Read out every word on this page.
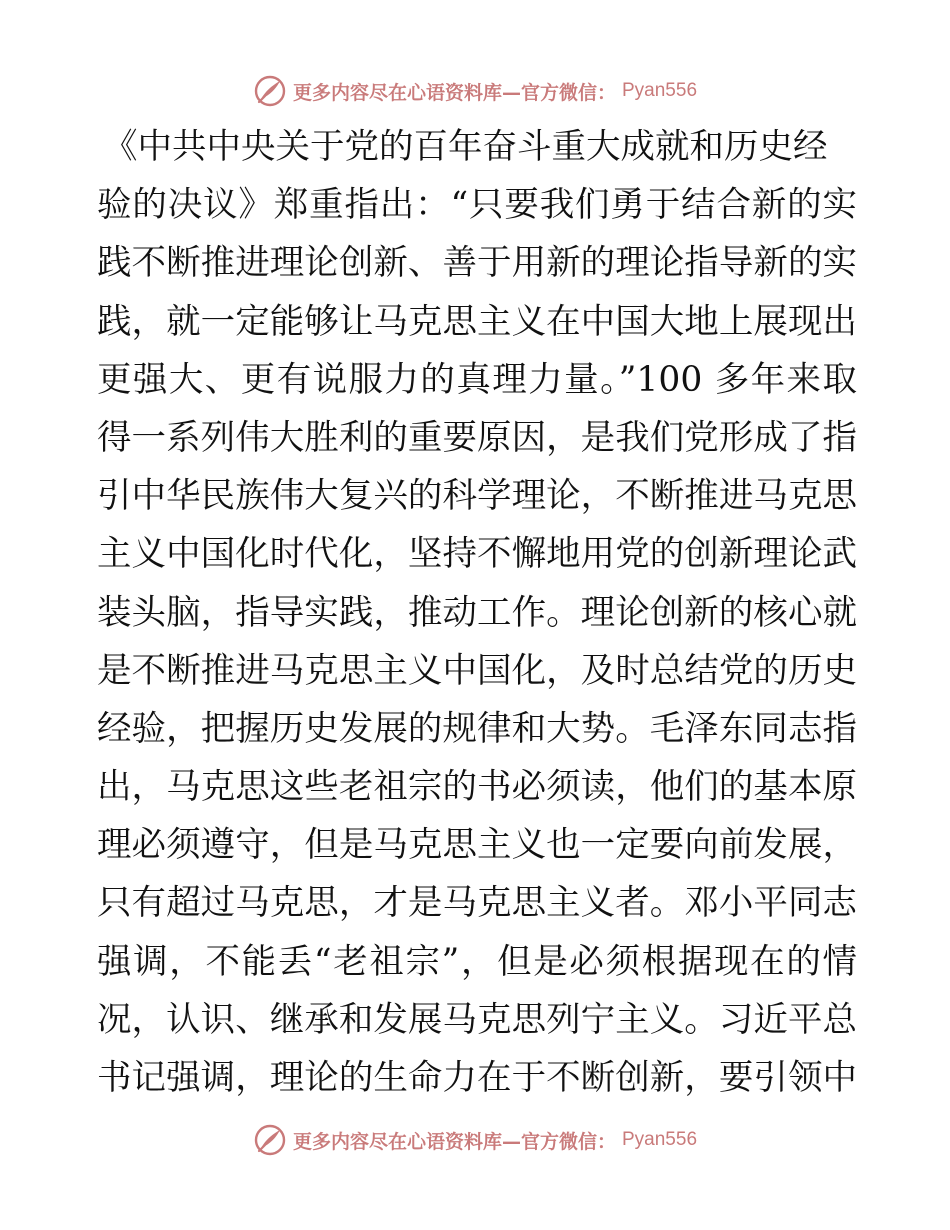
更多内容尽在心语资料库—官方微信： Pyan556
《中共中央关于党的百年奋斗重大成就和历史经
验的决议》郑重指出：“只要我们勇于结合新的实
践不断推进理论创新、善于用新的理论指导新的实
践，就一定能够让马克思主义在中国大地上展现出
更强大、更有说服力的真理力量。”100 多年来取
得一系列伟大胜利的重要原因，是我们党形成了指
引中华民族伟大复兴的科学理论，不断推进马克思
主义中国化时代化，坚持不懈地用党的创新理论武
装头脑，指导实践，推动工作。理论创新的核心就
是不断推进马克思主义中国化，及时总结党的历史
经验，把握历史发展的规律和大势。毛泽东同志指
出，马克思这些老祖宗的书必须读，他们的基本原
理必须遵守，但是马克思主义也一定要向前发展，
只有超过马克思，才是马克思主义者。邓小平同志
强调，不能丢“老祖宗”，但是必须根据现在的情
况，认识、继承和发展马克思列宁主义。习近平总
书记强调，理论的生命力在于不断创新，要引领中
更多内容尽在心语资料库—官方微信： Pyan556
